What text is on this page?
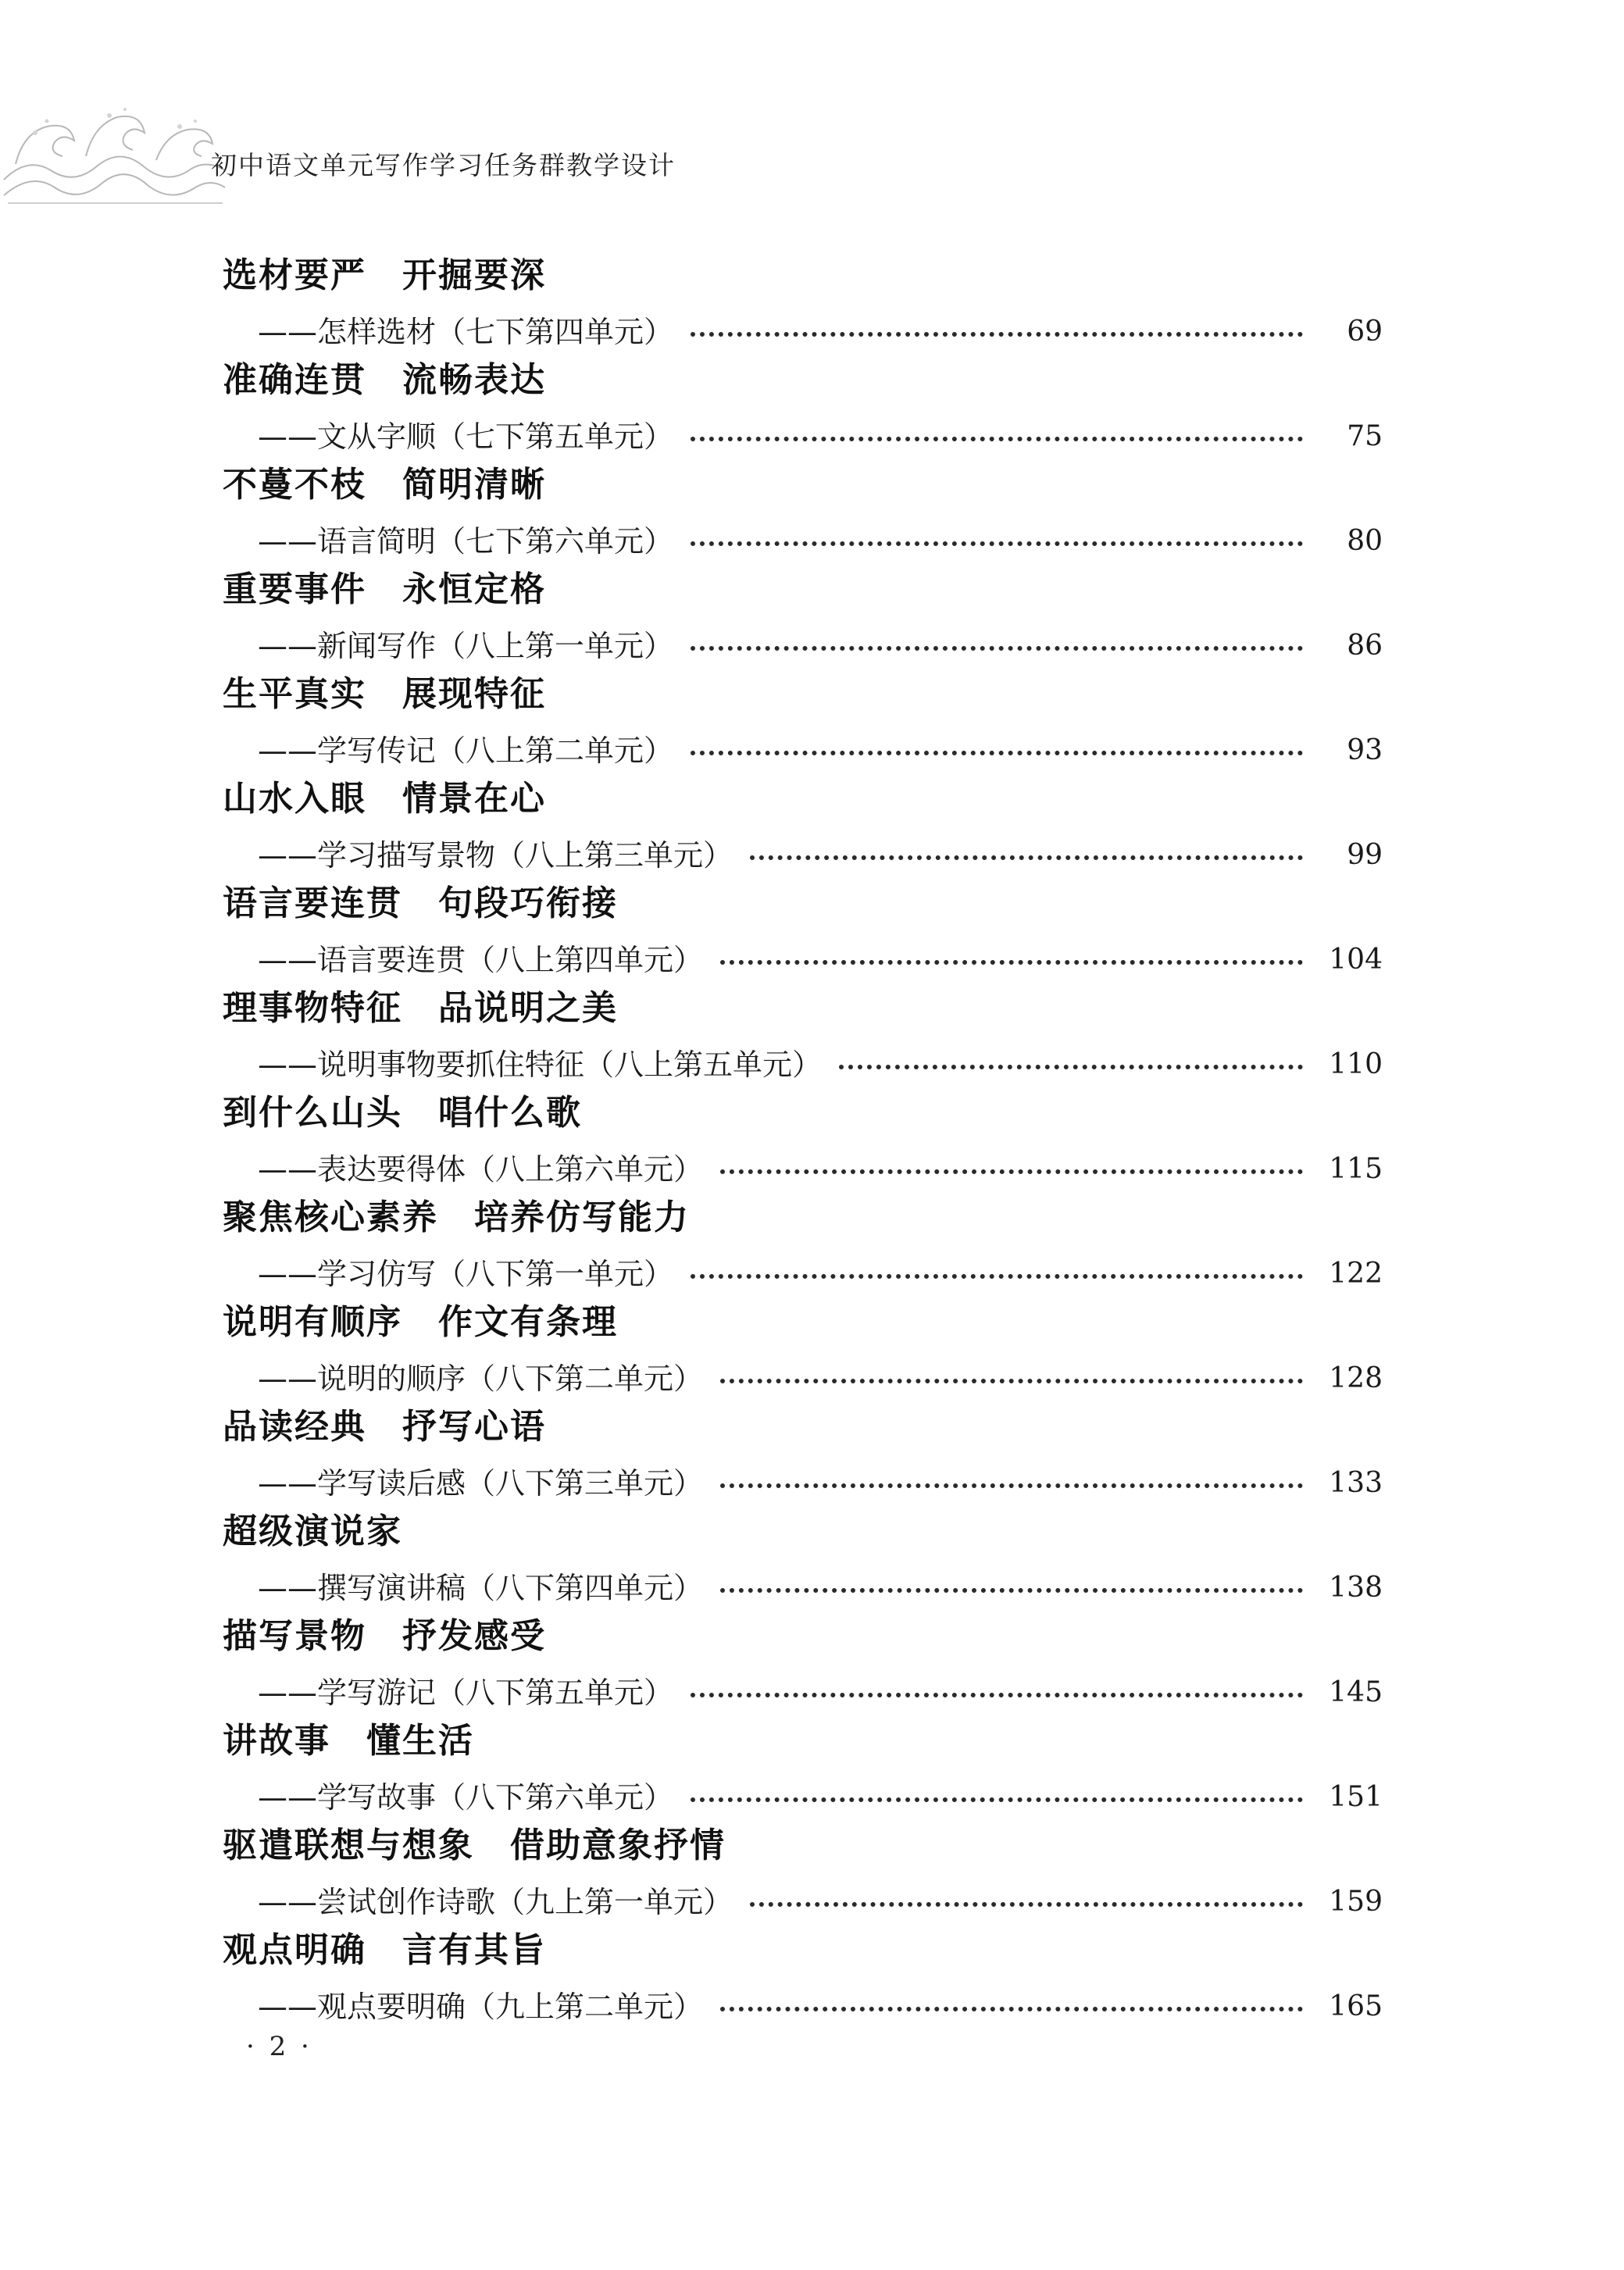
初中语文单元写作学习任务群教学设计
选材要严　开掘要深
——怎样选材（七下第四单元）	69
准确连贯　流畅表达
——文从字顺（七下第五单元）	75
不蔓不枝　简明清晰
——语言简明（七下第六单元）	80
重要事件　永恒定格
——新闻写作（八上第一单元）	86
生平真实　展现特征
——学写传记（八上第二单元）	93
山水入眼　情景在心
——学习描写景物（八上第三单元）	99
语言要连贯　句段巧衔接
——语言要连贯（八上第四单元）	104
理事物特征　品说明之美
——说明事物要抓住特征（八上第五单元）	110
到什么山头　唱什么歌
——表达要得体（八上第六单元）	115
聚焦核心素养　培养仿写能力
——学习仿写（八下第一单元）	122
说明有顺序　作文有条理
——说明的顺序（八下第二单元）	128
品读经典　抒写心语
——学写读后感（八下第三单元）	133
超级演说家
——撰写演讲稿（八下第四单元）	138
描写景物　抒发感受
——学写游记（八下第五单元）	145
讲故事　懂生活
——学写故事（八下第六单元）	151
驱遣联想与想象　借助意象抒情
——尝试创作诗歌（九上第一单元）	159
观点明确　言有其旨
——观点要明确（九上第二单元）	165
· 2 ·
